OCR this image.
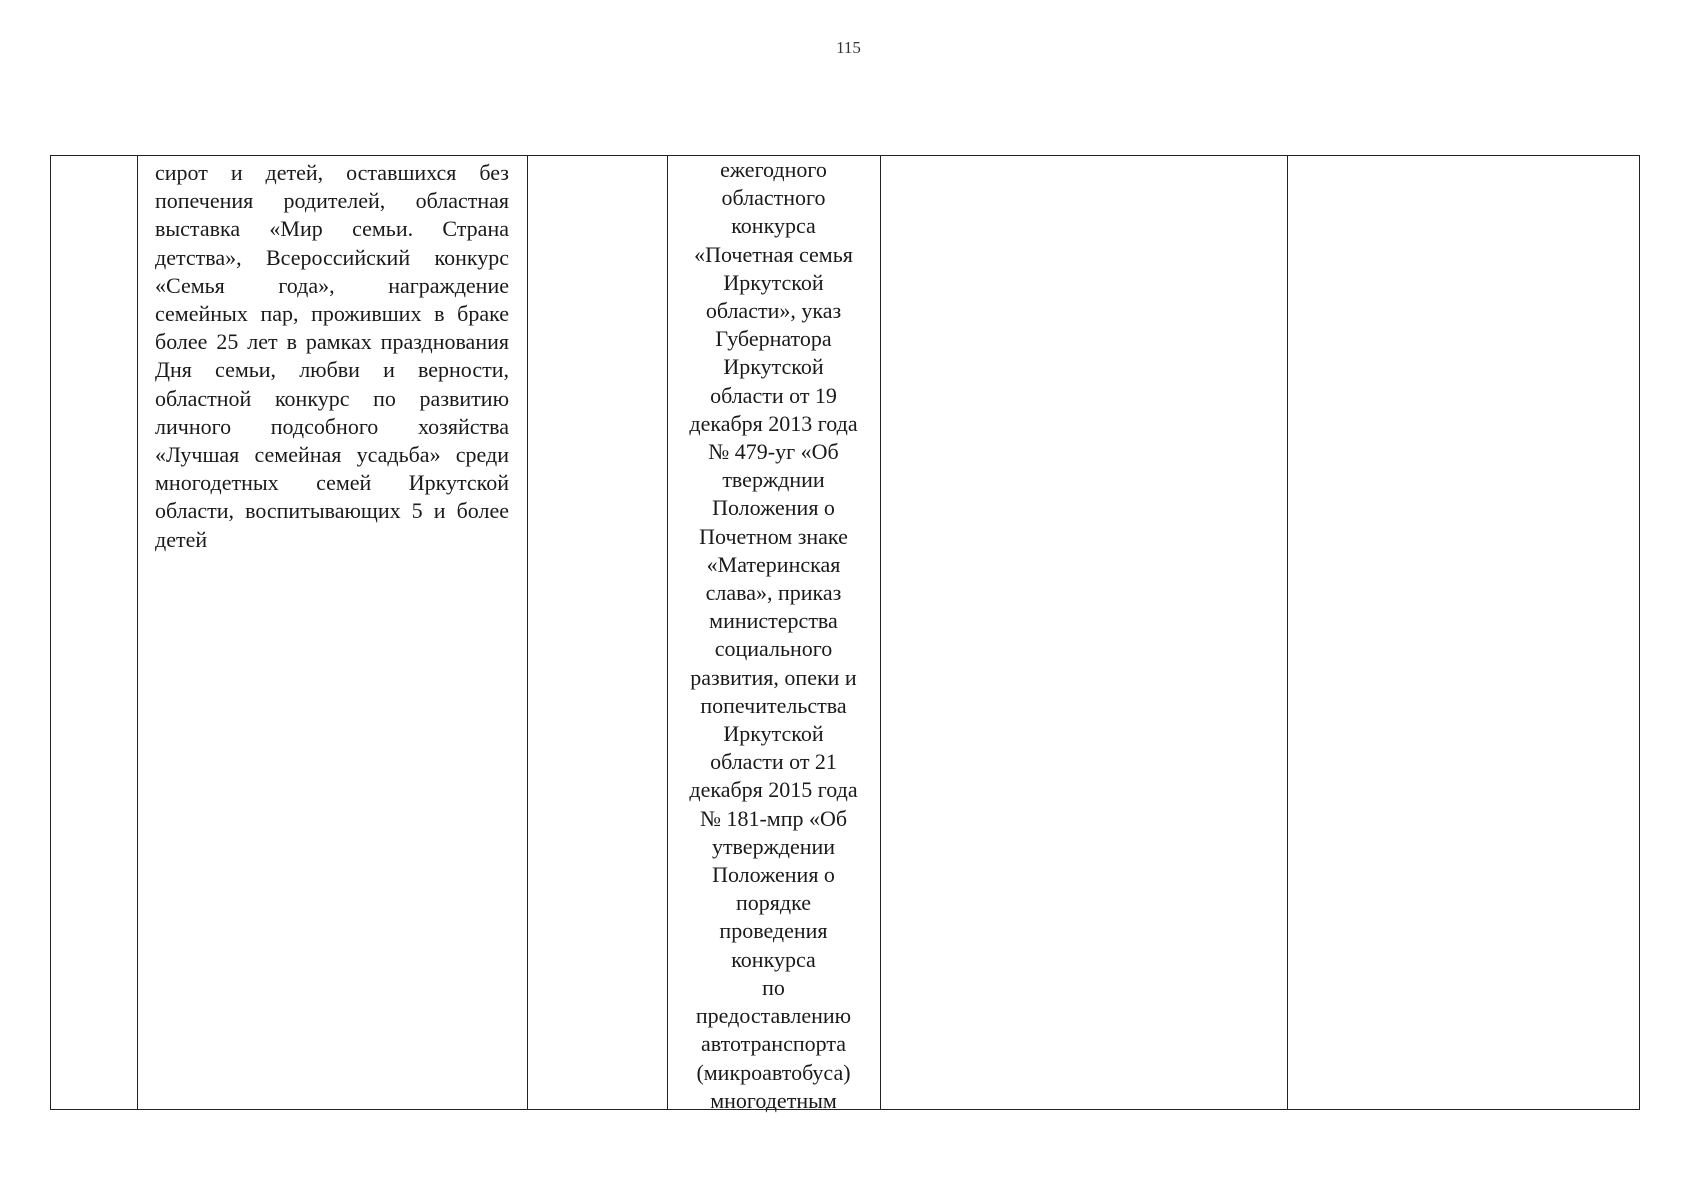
115
сирот и детей, оставшихся без попечения родителей, областная выставка «Мир семьи. Страна детства», Всероссийский конкурс «Семья года», награждение семейных пар, проживших в браке более 25 лет в рамках празднования Дня семьи, любви и верности, областной конкурс по развитию личного подсобного хозяйства «Лучшая семейная усадьба» среди многодетных семей Иркутской области, воспитывающих 5 и более детей
ежегодного
областного
конкурса
«Почетная семья
Иркутской
области», указ
Губернатора
Иркутской
области от 19
декабря 2013 года
№ 479-уг «Об
твержднии
Положения о
Почетном знаке
«Материнская
слава», приказ
министерства
социального
развития, опеки и
попечительства
Иркутской
области от 21
декабря 2015 года
№ 181-мпр «Об
утверждении
Положения о
порядке
проведения
конкурса
по
предоставлению
автотранспорта
(микроавтобуса)
многодетным
